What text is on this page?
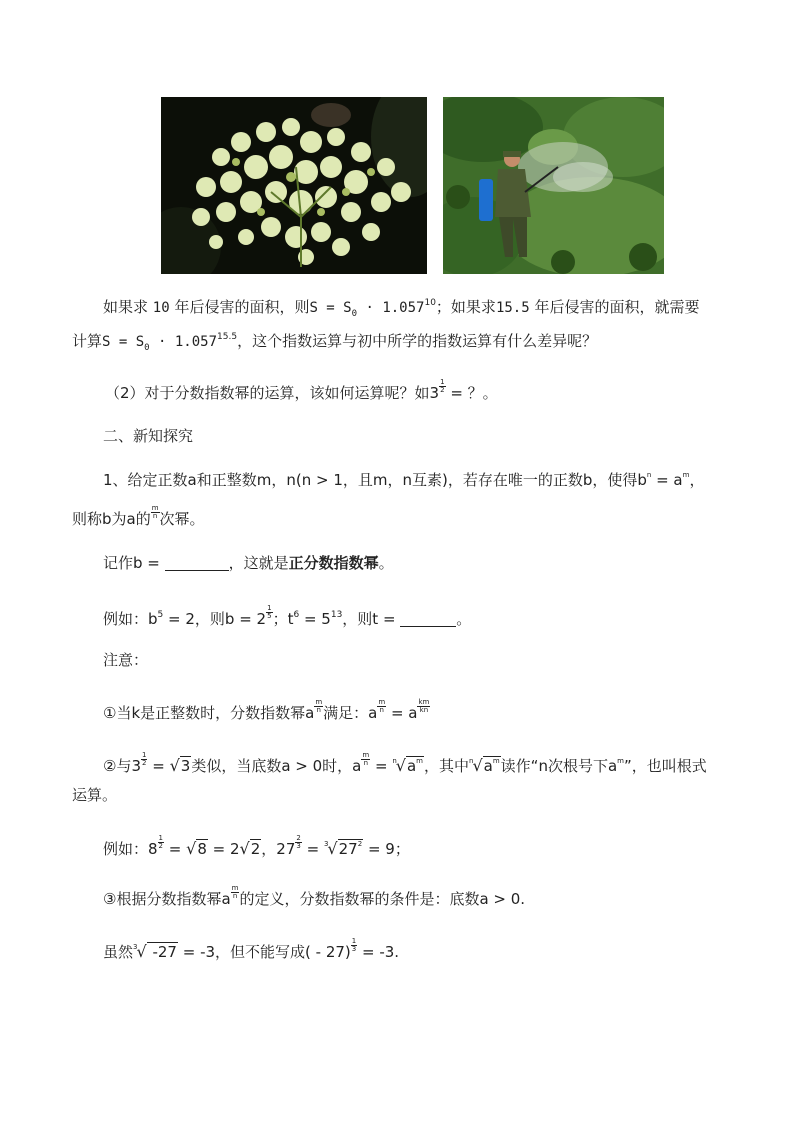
如果求 10 年后侵害的面积，则$S = S_0 \cdot 1.057^{10}$；如果求15.5 年后侵害的面积，就需要
计算$S = S_0 \cdot 1.057^{15.5}$，这个指数运算与初中所学的指数运算有什么差异呢？
（2）对于分数指数幂的运算，该如何运算呢？如$3 \frac{1}{2}$ = ？。
二、新知探究
1、给定正数a和正整数m，n(n > 1，且m，n互素)，若存在唯一的正数b，使得$b^n = a^m$，
则称b为a的 $\frac{m}{n}$ 次幂。
记作b =	，这就是正分数指数幂。
例如：$b^5 = 2$，则$b = 2 \frac{1}{5}$ ；$t^6 = 5^{13}$，则t =	。
注意：
①当k是正整数时，分数指数幂a $\frac{m}{n}$ 满足：a $\frac{m}{n} = a \frac{km}{kn}$
②与$3 \frac{1}{2} = √3$类似，当底数a > 0时，a $\frac{m}{n} = ^n√a^m$，其中$^n√a^m$读作“n次根号下$a^m$”，也叫根式
运算。
例如：$8 \frac{1}{2} = √8 = 2√2$，$27 \frac{2}{3} = ^3√27^2 = 9$；
③根据分数指数幂a $\frac{m}{n}$ 的定义，分数指数幂的条件是：底数a > 0.
虽然$^3$√ -27 = -3，但不能写成( - $27) \frac{1}{3} = -3$.
